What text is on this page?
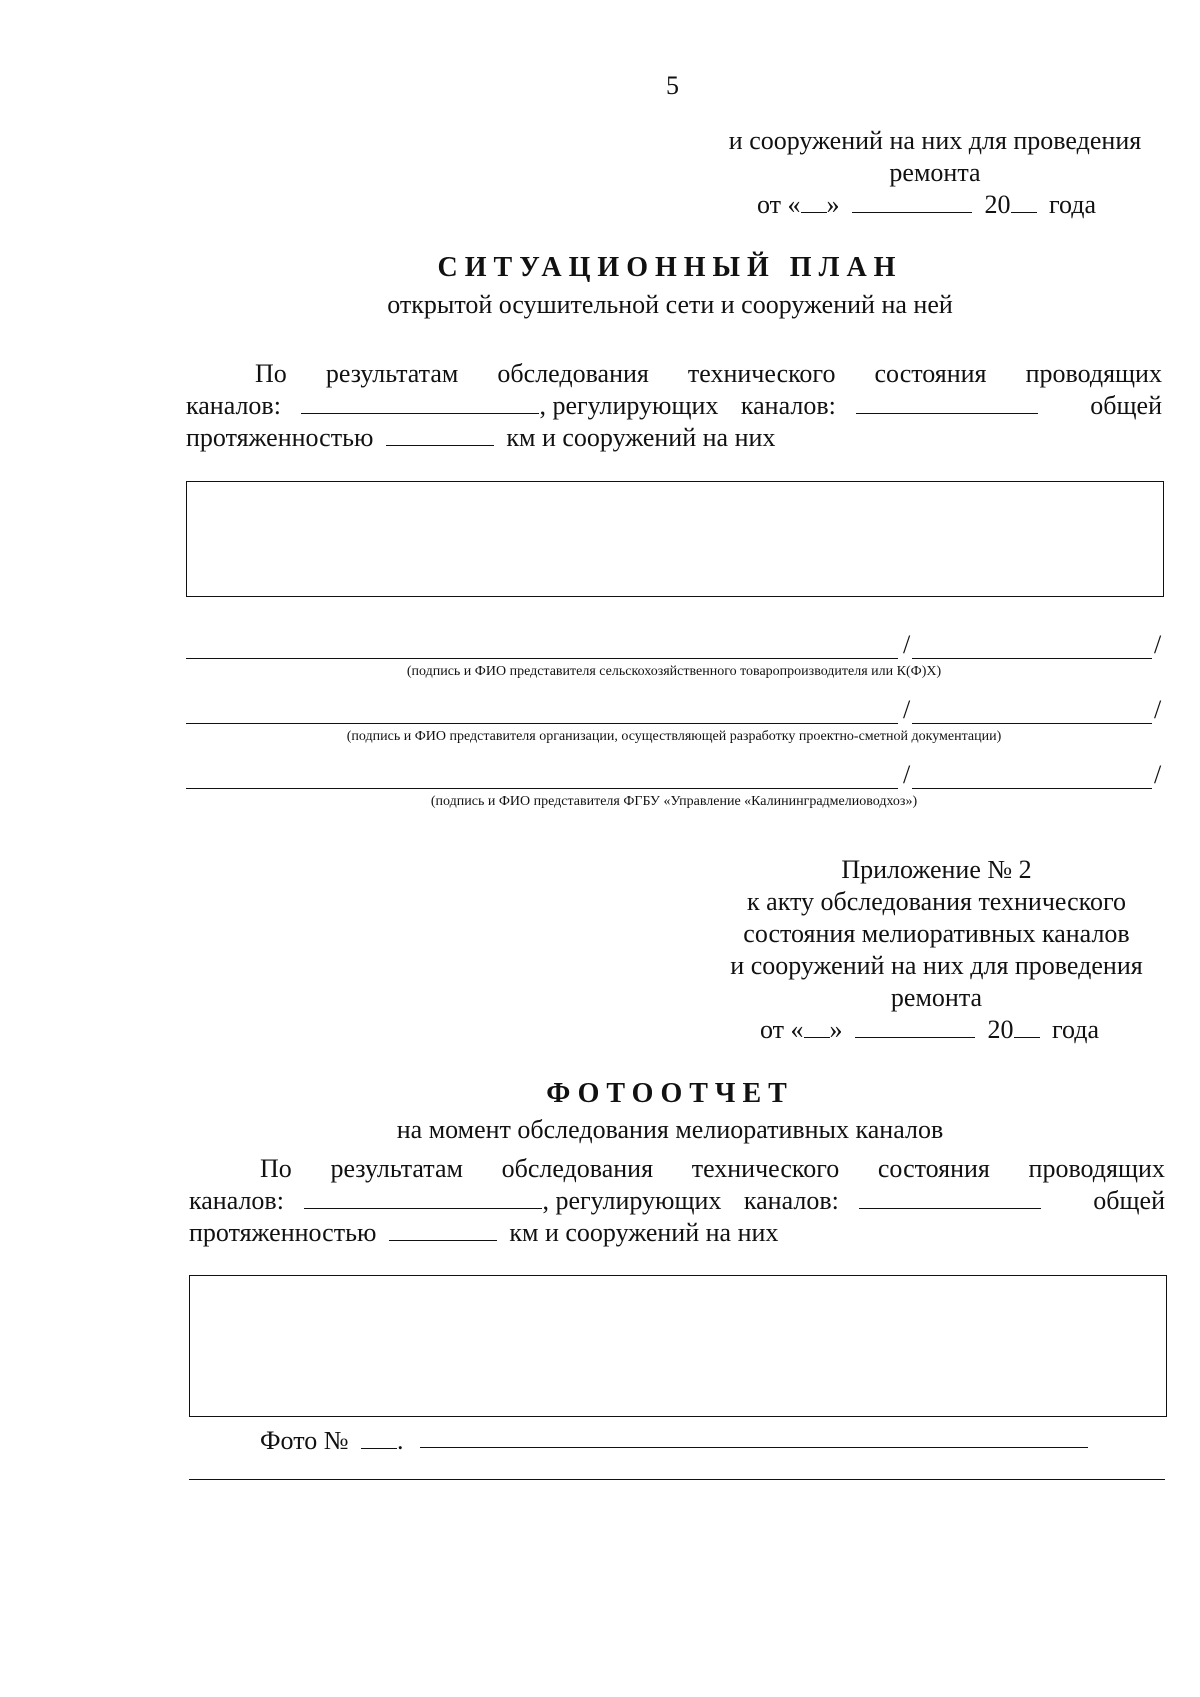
5
и сооружений на них для проведения
ремонта
от « »	20 года
СИТУАЦИОННЫЙ ПЛАН
открытой осушительной сети и сооружений на ней
По результатам обследования технического состояния проводящих
каналов:	, регулирующих каналов:	общей
протяженностью	км и сооружений на них
/	/
(подпись и ФИО представителя сельскохозяйственного товаропроизводителя или К(Ф)Х)
/	/
(подпись и ФИО представителя организации, осуществляющей разработку проектно-сметной документации)
/	/
(подпись и ФИО представителя ФГБУ «Управление «Калининградмелиоводхоз»)
Приложение № 2
к акту обследования технического
состояния мелиоративных каналов
и сооружений на них для проведения
ремонта
от « »	20 года
ФОТООТЧЕТ
на момент обследования мелиоративных каналов
По результатам обследования технического состояния проводящих
каналов:	, регулирующих каналов:	общей
протяженностью	км и сооружений на них
Фото № .
